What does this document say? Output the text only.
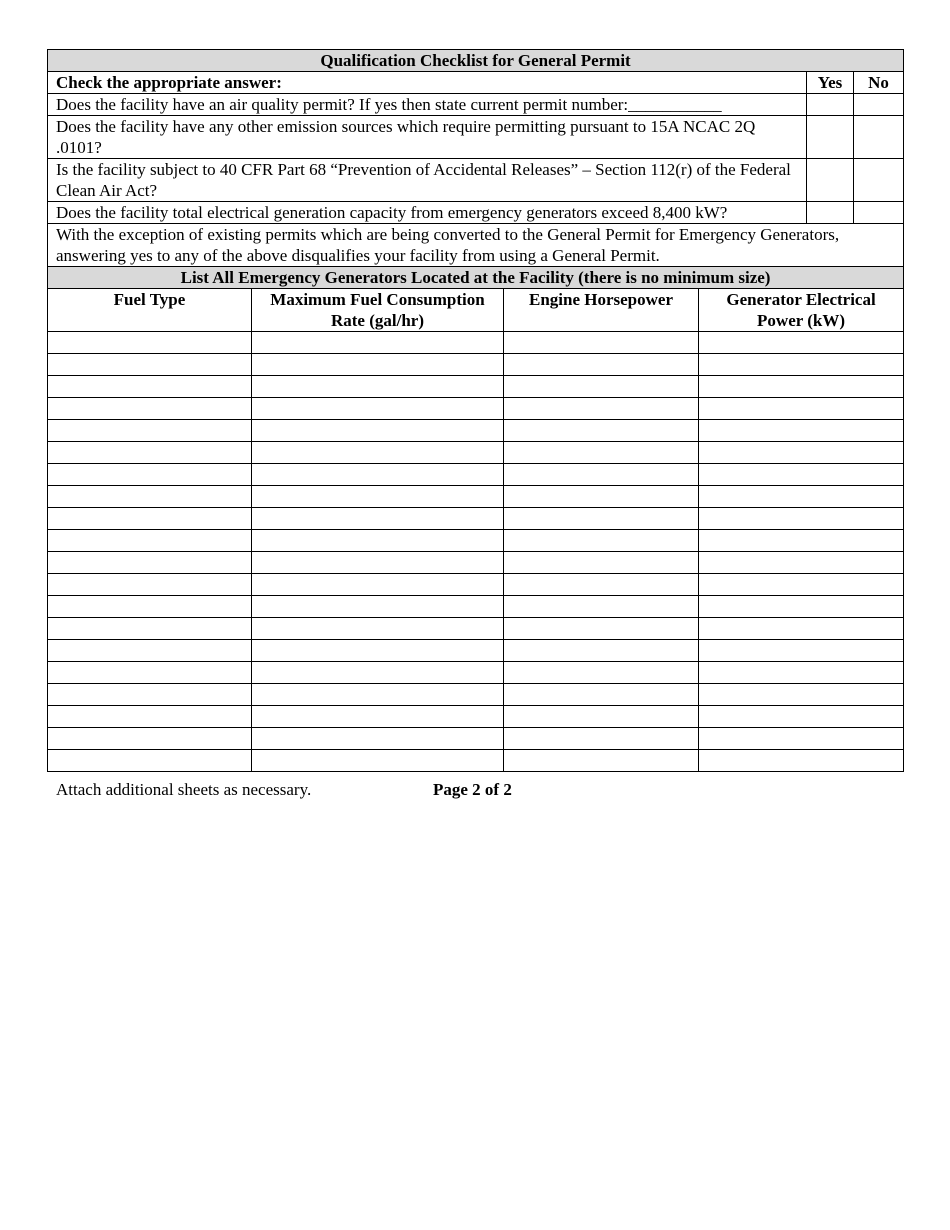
Qualification Checklist for General Permit					
Check the appropriate answer:				Yes	No
Does the facility have an air quality permit? If yes then state current permit number:___________					
Does the facility have any other emission sources which require permitting pursuant to 15A NCAC 2Q .0101?					
Is the facility subject to 40 CFR Part 68 “Prevention of Accidental Releases” – Section 112(r) of the Federal Clean Air Act?					
Does the facility total electrical generation capacity from emergency generators exceed 8,400 kW?					
With the exception of existing permits which are being converted to the General Permit for Emergency Generators, answering yes to any of the above disqualifies your facility from using a General Permit.					
List All Emergency Generators Located at the Facility (there is no minimum size)					
Fuel Type	Maximum Fuel Consumption Rate (gal/hr)	Engine Horsepower	Generator Electrical Power (kW)		

Attach additional sheets as necessary.	Page 2 of 2
